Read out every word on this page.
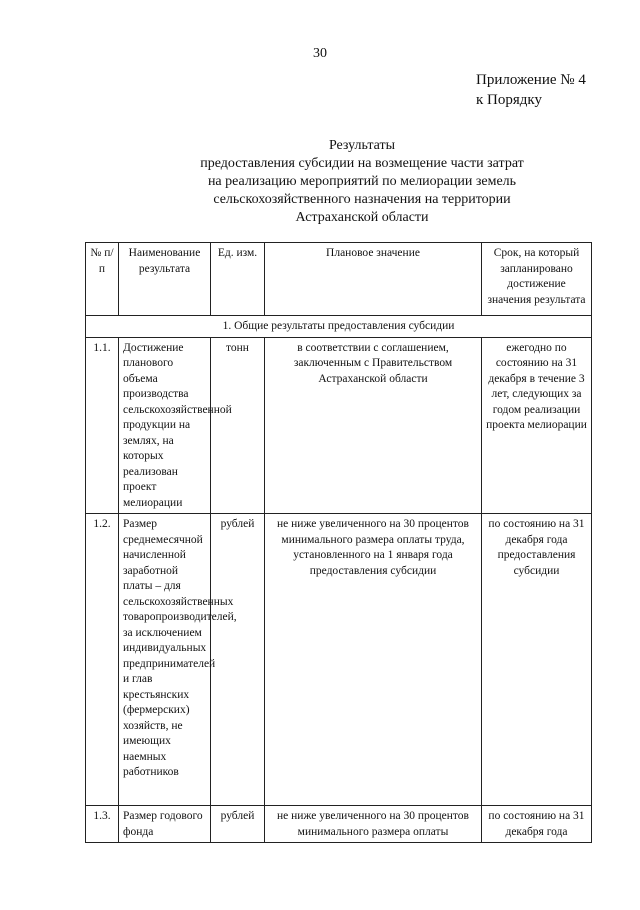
30
Приложение № 4
к Порядку
Результаты
предоставления субсидии на возмещение части затрат
на реализацию мероприятий по мелиорации земель
сельскохозяйственного назначения на территории
Астраханской области
№ п/п	Наименование результата	Ед. изм.	Плановое значение	Срок, на который запланировано достижение значения результата
1. Общие результаты предоставления субсидии				
1.1.	Достижение планового объема производства сельскохозяйственной продукции на землях, на которых реализован проект мелиорации	тонн	в соответствии с соглашением, заключенным с Правительством Астраханской области	ежегодно по состоянию на 31 декабря в течение 3 лет, следующих за годом реализации проекта мелиорации
1.2.	Размер среднемесячной начисленной заработной платы – для сельскохозяйственных товаропроизводителей, за исключением индивидуальных предпринимателей и глав крестьянских (фермерских) хозяйств, не имеющих наемных работников	рублей	не ниже увеличенного на 30 процентов минимального размера оплаты труда, установленного на 1 января года предоставления субсидии	по состоянию на 31 декабря года предоставления субсидии
1.3.	Размер годового фонда	рублей	не ниже увеличенного на 30 процентов минимального размера оплаты	по состоянию на 31 декабря года
